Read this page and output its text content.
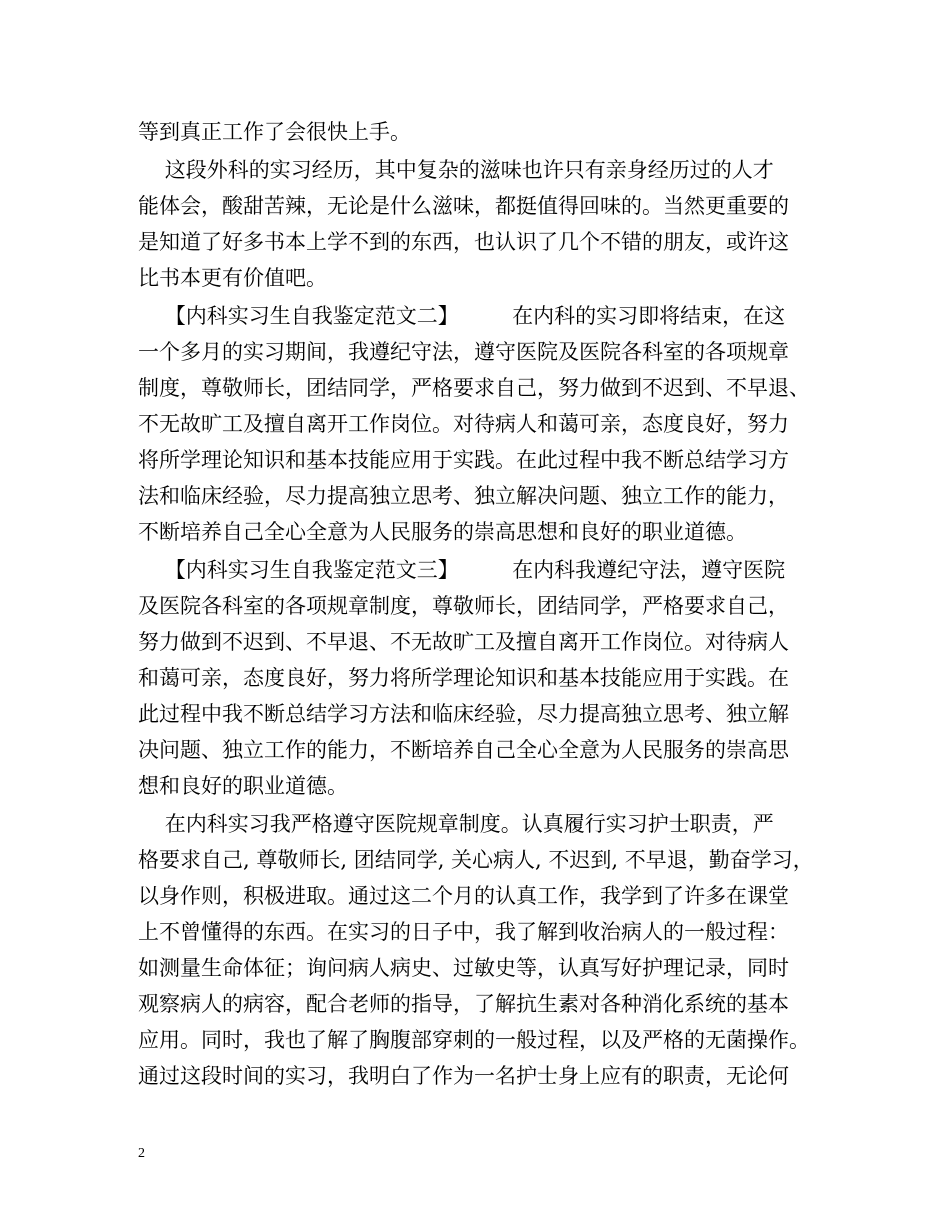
等到真正工作了会很快上手。
这段外科的实习经历，其中复杂的滋味也许只有亲身经历过的人才
能体会，酸甜苦辣，无论是什么滋味，都挺值得回味的。当然更重要的
是知道了好多书本上学不到的东西，也认识了几个不错的朋友，或许这
比书本更有价值吧。
【内科实习生自我鉴定范文二】        在内科的实习即将结束，在这
一个多月的实习期间，我遵纪守法，遵守医院及医院各科室的各项规章
制度，尊敬师长，团结同学，严格要求自己，努力做到不迟到、不早退、
不无故旷工及擅自离开工作岗位。对待病人和蔼可亲，态度良好，努力
将所学理论知识和基本技能应用于实践。在此过程中我不断总结学习方
法和临床经验，尽力提高独立思考、独立解决问题、独立工作的能力，
不断培养自己全心全意为人民服务的崇高思想和良好的职业道德。
【内科实习生自我鉴定范文三】        在内科我遵纪守法，遵守医院
及医院各科室的各项规章制度，尊敬师长，团结同学，严格要求自己，
努力做到不迟到、不早退、不无故旷工及擅自离开工作岗位。对待病人
和蔼可亲，态度良好，努力将所学理论知识和基本技能应用于实践。在
此过程中我不断总结学习方法和临床经验，尽力提高独立思考、独立解
决问题、独立工作的能力，不断培养自己全心全意为人民服务的崇高思
想和良好的职业道德。
在内科实习我严格遵守医院规章制度。认真履行实习护士职责，严
格要求自己, 尊敬师长, 团结同学, 关心病人, 不迟到, 不早退，勤奋学习，
以身作则，积极进取。通过这二个月的认真工作，我学到了许多在课堂
上不曾懂得的东西。在实习的日子中，我了解到收治病人的一般过程：
如测量生命体征；询问病人病史、过敏史等，认真写好护理记录，同时
观察病人的病容，配合老师的指导，了解抗生素对各种消化系统的基本
应用。同时，我也了解了胸腹部穿刺的一般过程，以及严格的无菌操作。
通过这段时间的实习，我明白了作为一名护士身上应有的职责，无论何
2
